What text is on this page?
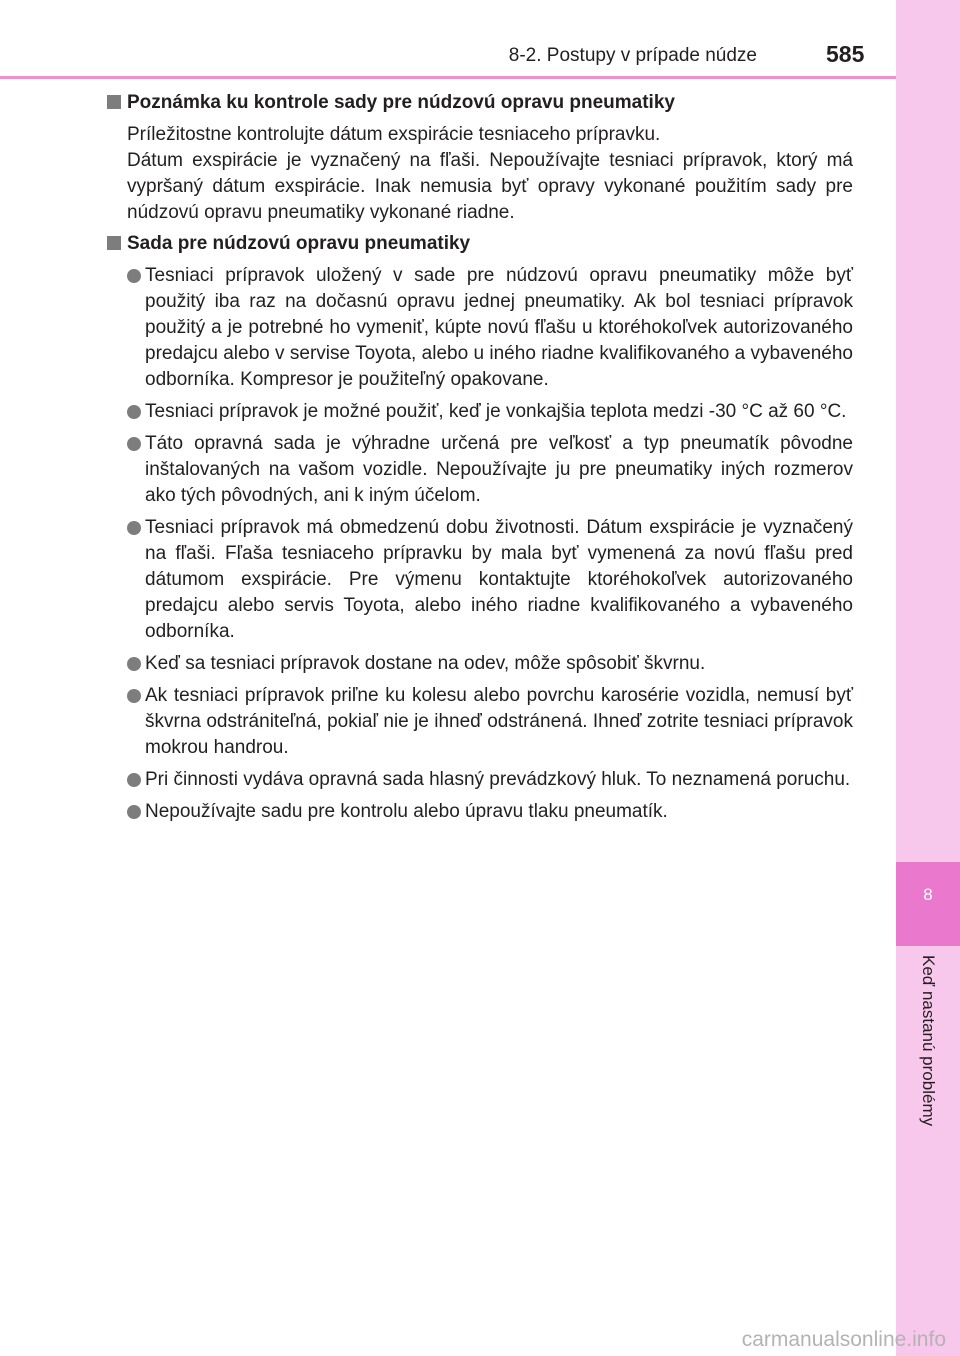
8-2. Postupy v prípade núdze	585
8
Keď nastanú problémy
Poznámka ku kontrole sady pre núdzovú opravu pneumatiky
Príležitostne kontrolujte dátum exspirácie tesniaceho prípravku.
Dátum exspirácie je vyznačený na fľaši. Nepoužívajte tesniaci prípravok, ktorý má vypršaný dátum exspirácie. Inak nemusia byť opravy vykonané použitím sady pre núdzovú opravu pneumatiky vykonané riadne.
Sada pre núdzovú opravu pneumatiky
Tesniaci prípravok uložený v sade pre núdzovú opravu pneumatiky môže byť použitý iba raz na dočasnú opravu jednej pneumatiky. Ak bol tesniaci prípravok použitý a je potrebné ho vymeniť, kúpte novú fľašu u ktoréhokoľvek autorizovaného predajcu alebo v servise Toyota, alebo u iného riadne kvalifikovaného a vybaveného odborníka. Kompresor je použiteľný opakovane.
Tesniaci prípravok je možné použiť, keď je vonkajšia teplota medzi -30 °C až 60 °C.
Táto opravná sada je výhradne určená pre veľkosť a typ pneumatík pôvodne inštalovaných na vašom vozidle. Nepoužívajte ju pre pneumatiky iných rozmerov ako tých pôvodných, ani k iným účelom.
Tesniaci prípravok má obmedzenú dobu životnosti. Dátum exspirácie je vyznačený na fľaši. Fľaša tesniaceho prípravku by mala byť vymenená za novú fľašu pred dátumom exspirácie. Pre výmenu kontaktujte ktoréhokoľvek autorizovaného predajcu alebo servis Toyota, alebo iného riadne kvalifikovaného a vybaveného odborníka.
Keď sa tesniaci prípravok dostane na odev, môže spôsobiť škvrnu.
Ak tesniaci prípravok priľne ku kolesu alebo povrchu karosérie vozidla, nemusí byť škvrna odstrániteľná, pokiaľ nie je ihneď odstránená. Ihneď zotrite tesniaci prípravok mokrou handrou.
Pri činnosti vydáva opravná sada hlasný prevádzkový hluk. To neznamená poruchu.
Nepoužívajte sadu pre kontrolu alebo úpravu tlaku pneumatík.
carmanualsonline.info
